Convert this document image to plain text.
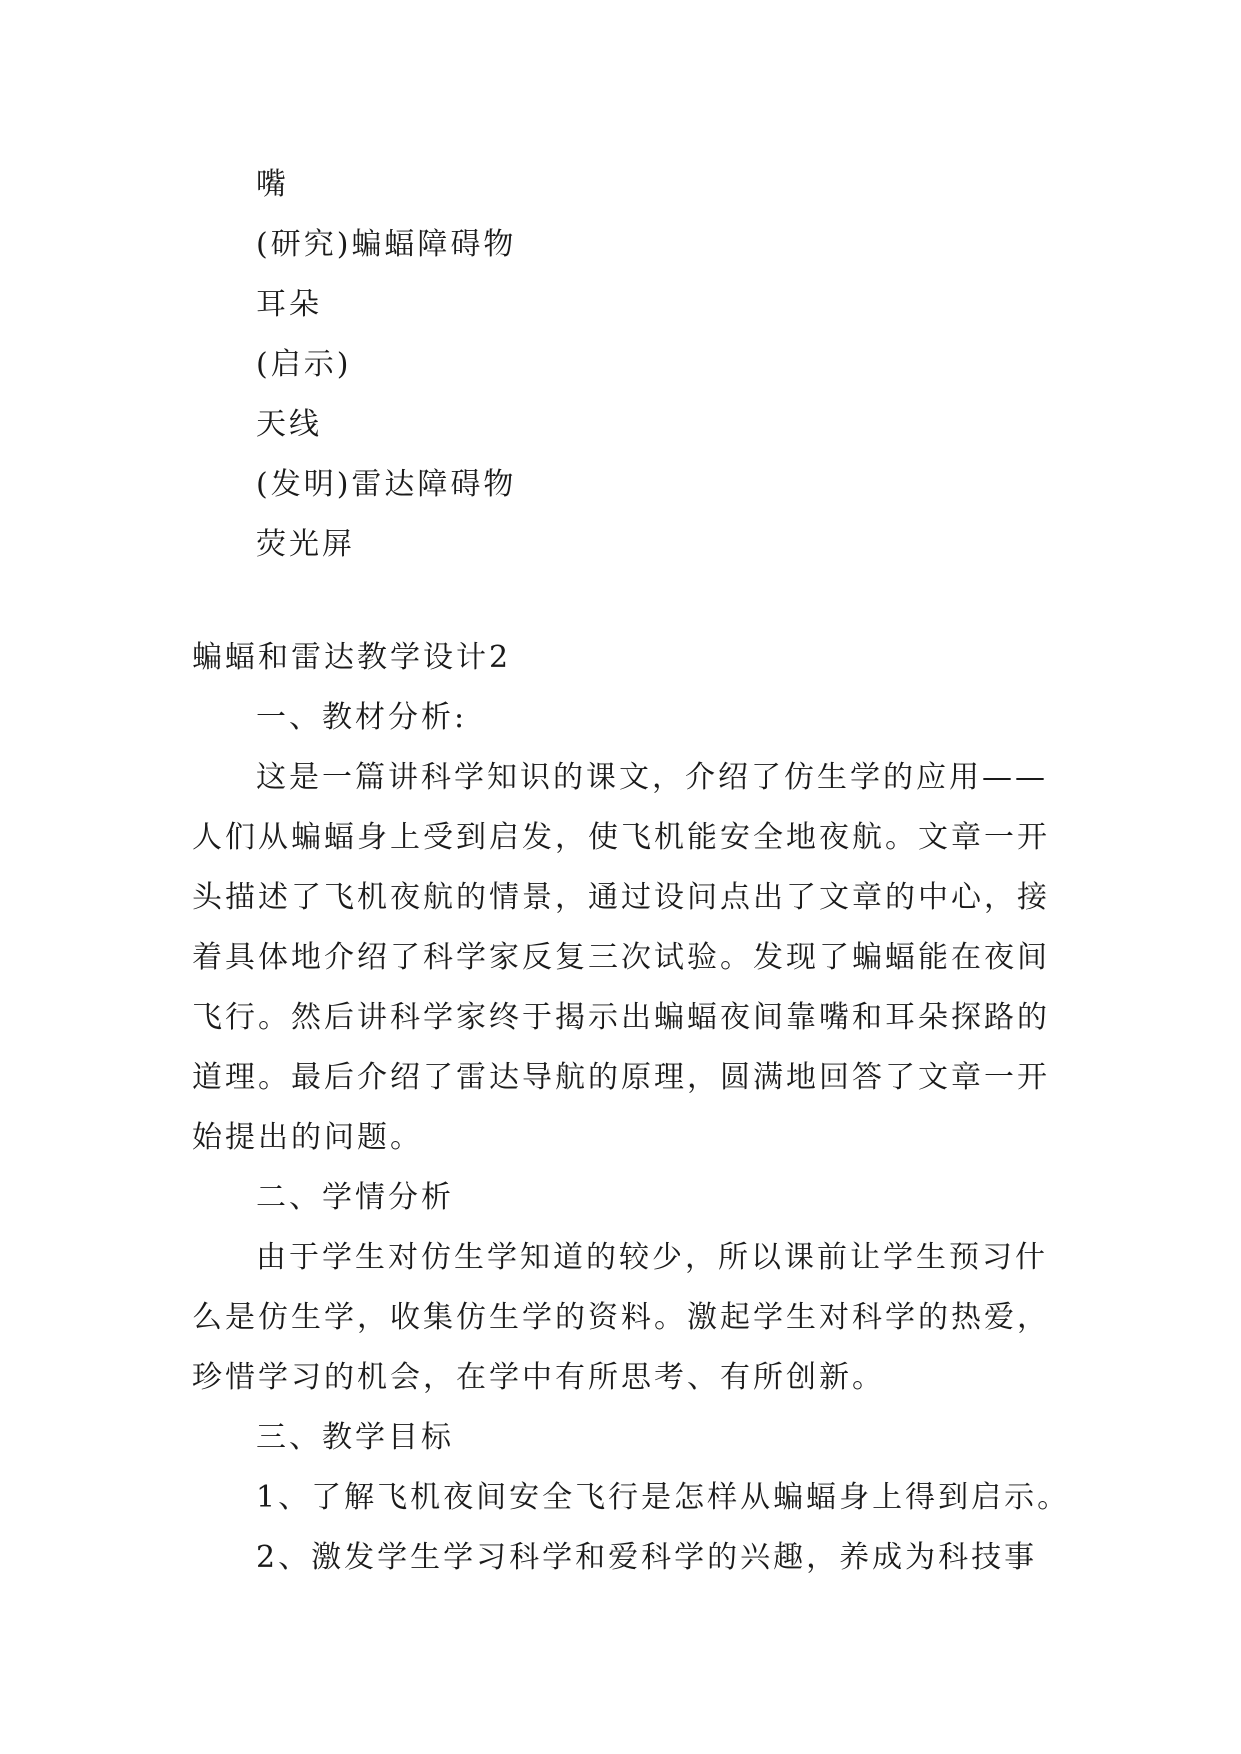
嘴
(研究)蝙蝠障碍物
耳朵
(启示)
天线
(发明)雷达障碍物
荧光屏
蝙蝠和雷达教学设计2
一、教材分析:
这是一篇讲科学知识的课文，介绍了仿生学的应用——
人们从蝙蝠身上受到启发，使飞机能安全地夜航。文章一开
头描述了飞机夜航的情景，通过设问点出了文章的中心，接
着具体地介绍了科学家反复三次试验。发现了蝙蝠能在夜间
飞行。然后讲科学家终于揭示出蝙蝠夜间靠嘴和耳朵探路的
道理。最后介绍了雷达导航的原理，圆满地回答了文章一开
始提出的问题。
二、学情分析
由于学生对仿生学知道的较少，所以课前让学生预习什
么是仿生学，收集仿生学的资料。激起学生对科学的热爱，
珍惜学习的机会，在学中有所思考、有所创新。
三、教学目标
1、了解飞机夜间安全飞行是怎样从蝙蝠身上得到启示。
2、激发学生学习科学和爱科学的兴趣，养成为科技事
